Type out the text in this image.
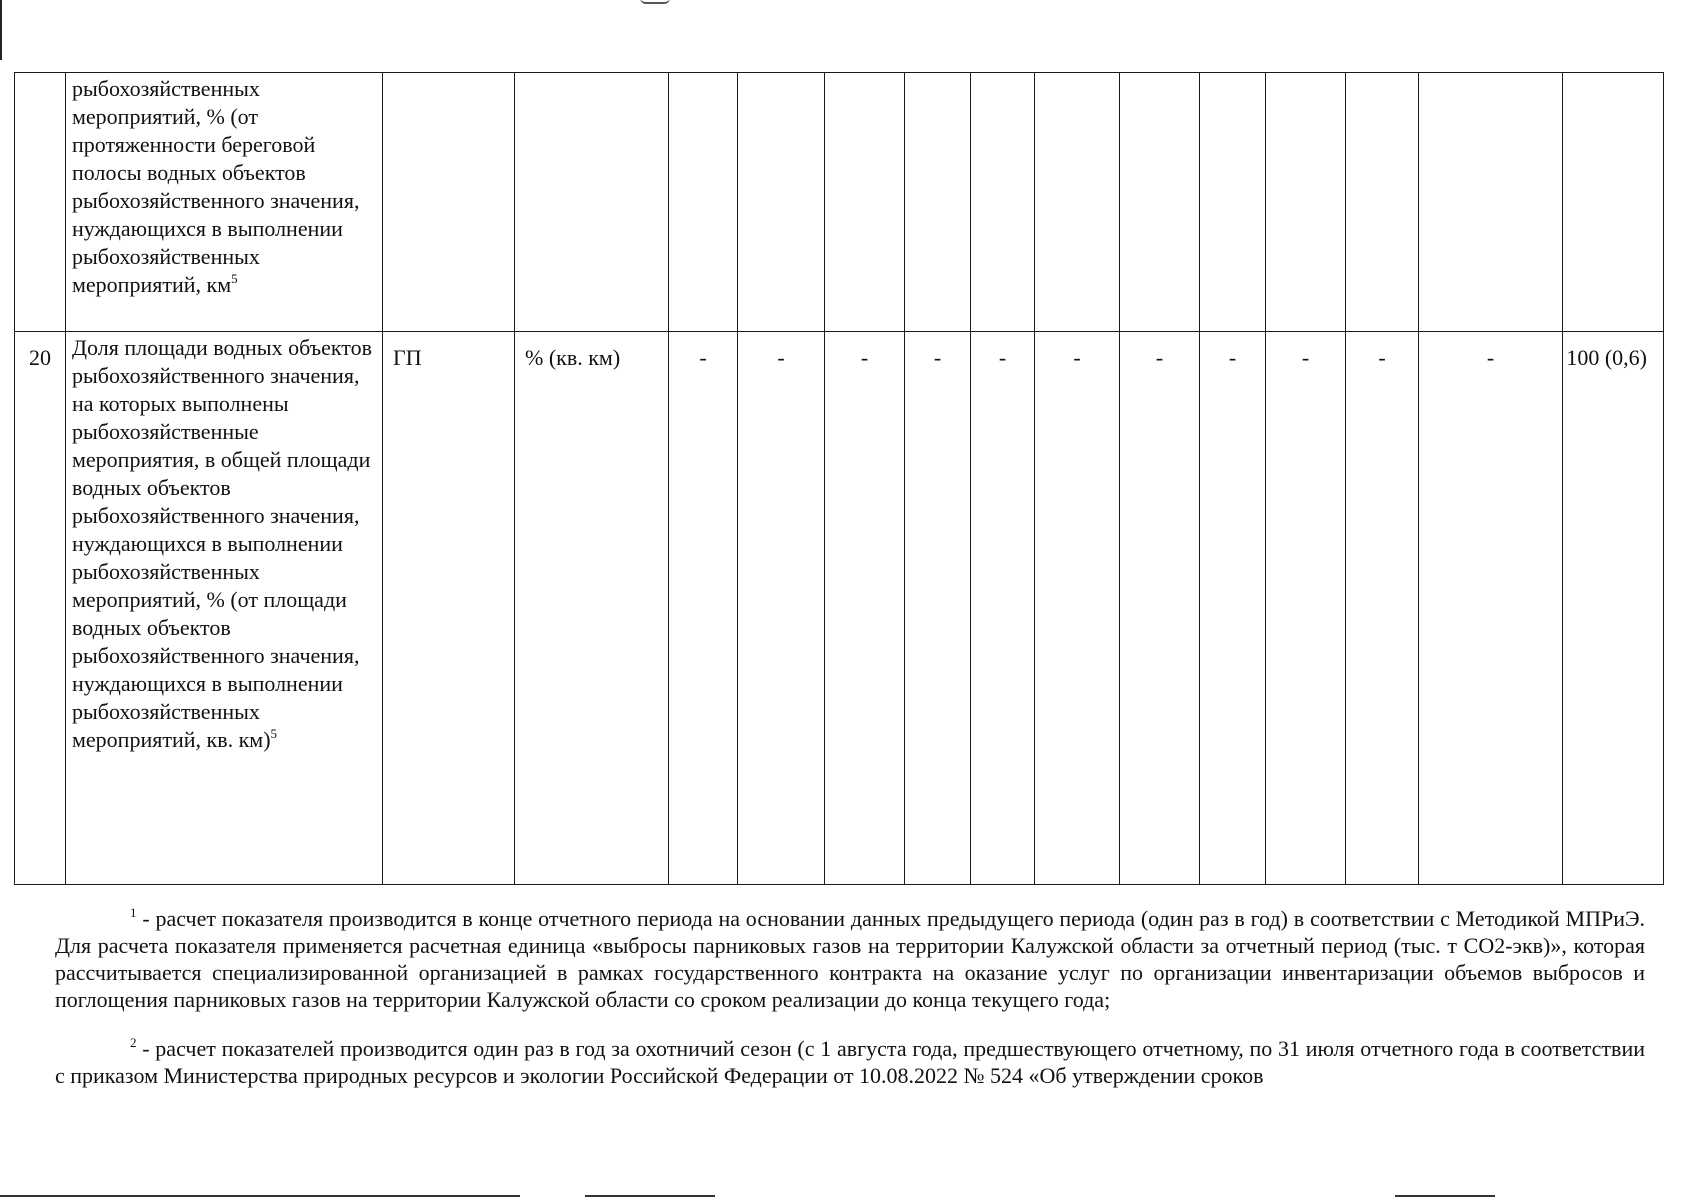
	рыбохозяйственных мероприятий, % (от протяженности береговой полосы водных объектов рыбохозяйственного значения, нуждающихся в выполнении рыбохозяйственных мероприятий, $км^5$														
20	Доля площади водных объектов рыбохозяйственного значения, на которых выполнены рыбохозяйственные мероприятия, в общей площади водных объектов рыбохозяйственного значения, нуждающихся в выполнении рыбохозяйственных мероприятий, % (от площади водных объектов рыбохозяйственного значения, нуждающихся в выполнении рыбохозяйственных мероприятий, кв. км)$^5$	ГП	% (кв. км)	-	-	-	-	-	-	-	-	-	-	-	100 (0,6)

$^1$ - расчет показателя производится в конце отчетного периода на основании данных предыдущего периода (один раз в год) в соответствии с Методикой МПРиЭ. Для расчета показателя применяется расчетная единица «выбросы парниковых газов на территории Калужской области за отчетный период (тыс. т СО2-экв)», которая рассчитывается специализированной организацией в рамках государственного контракта на оказание услуг по организации инвентаризации объемов выбросов и поглощения парниковых газов на территории Калужской области со сроком реализации до конца текущего года;

$^2$ - расчет показателей производится один раз в год за охотничий сезон (с 1 августа года, предшествующего отчетному, по 31 июля отчетного года в соответствии с приказом Министерства природных ресурсов и экологии Российской Федерации от 10.08.2022 № 524 «Об утверждении сроков
